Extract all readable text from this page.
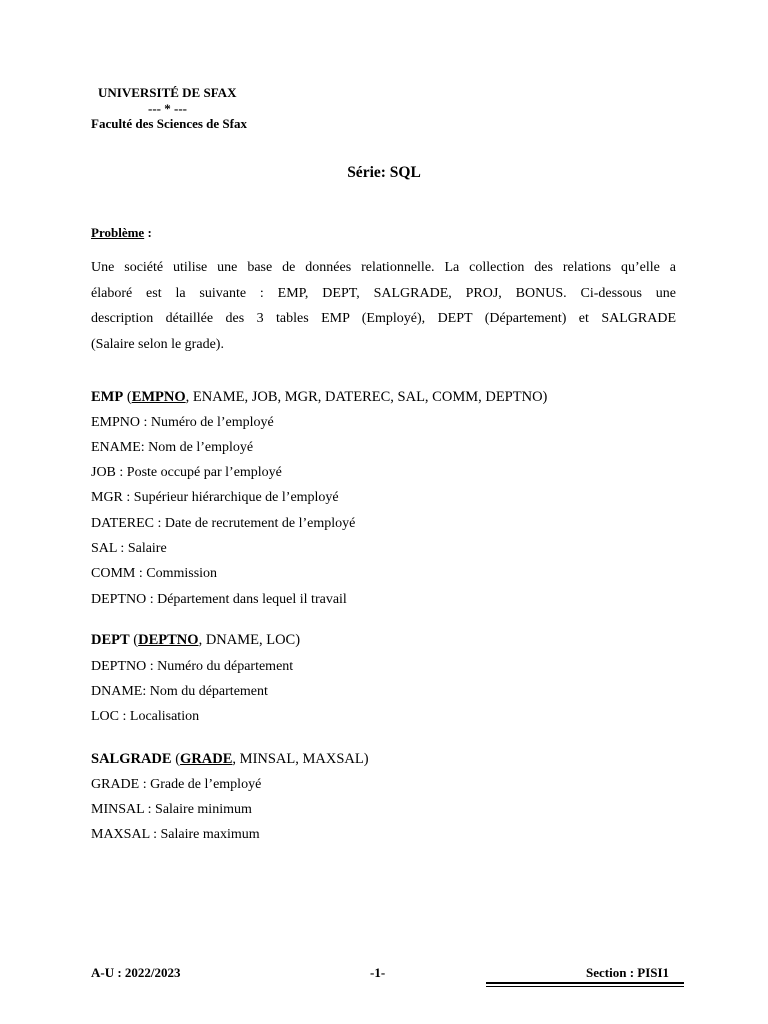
UNIVERSITÉ DE SFAX
--- * ---
Faculté des Sciences de Sfax
Série: SQL
Problème :
Une société utilise une base de données relationnelle. La collection des relations qu’elle a
élaboré est la suivante : EMP, DEPT, SALGRADE, PROJ, BONUS. Ci-dessous une
description détaillée des 3 tables EMP (Employé), DEPT (Département) et SALGRADE
(Salaire selon le grade).
EMP (EMPNO, ENAME, JOB, MGR, DATEREC, SAL, COMM, DEPTNO)
EMPNO : Numéro de l’employé
ENAME: Nom de l’employé
JOB : Poste occupé par l’employé
MGR : Supérieur hiérarchique de l’employé
DATEREC : Date de recrutement de l’employé
SAL : Salaire
COMM : Commission
DEPTNO : Département dans lequel il travail
DEPT (DEPTNO, DNAME, LOC)
DEPTNO : Numéro du département
DNAME: Nom du département
LOC : Localisation
SALGRADE (GRADE, MINSAL, MAXSAL)
GRADE : Grade de l’employé
MINSAL : Salaire minimum
MAXSAL : Salaire maximum
A-U : 2022/2023	-1-	Section : PISI1
